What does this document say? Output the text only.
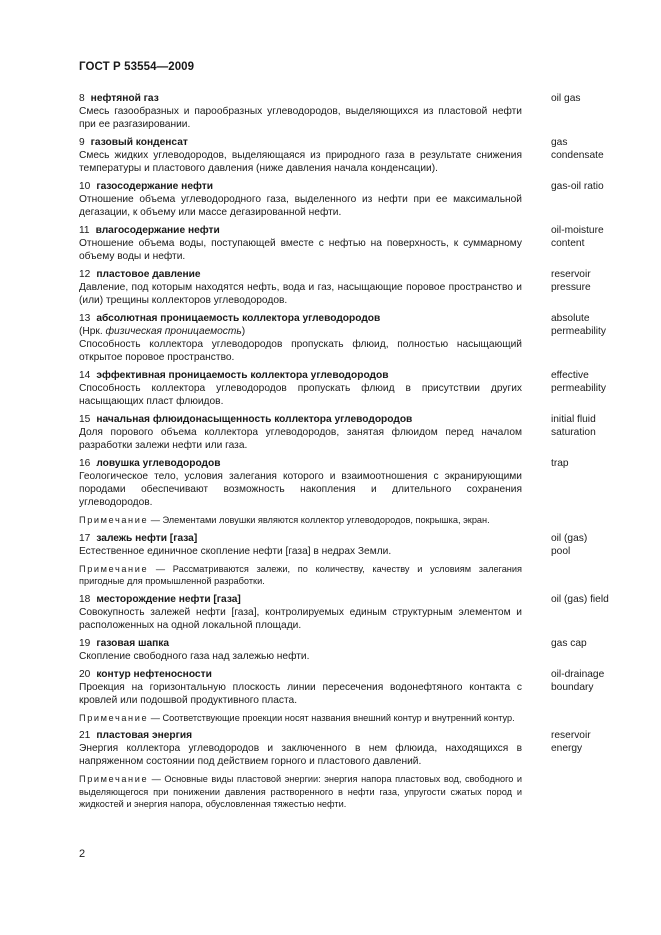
ГОСТ Р 53554—2009
8 нефтяной газ
Смесь газообразных и парообразных углеводородов, выделяющихся из пластовой нефти при ее разгазировании.
oil gas
9 газовый конденсат
Смесь жидких углеводородов, выделяющаяся из природного газа в результате снижения температуры и пластового давления (ниже давления начала конденсации).
gas
condensate
10 газосодержание нефти
Отношение объема углеводородного газа, выделенного из нефти при ее максимальной дегазации, к объему или массе дегазированной нефти.
gas-oil ratio
11 влагосодержание нефти
Отношение объема воды, поступающей вместе с нефтью на поверхность, к суммарному объему воды и нефти.
oil-moisture
content
12 пластовое давление
Давление, под которым находятся нефть, вода и газ, насыщающие поровое пространство и (или) трещины коллекторов углеводородов.
reservoir
pressure
13 абсолютная проницаемость коллектора углеводородов
(Нрк. физическая проницаемость)
Способность коллектора углеводородов пропускать флюид, полностью насыщающий открытое поровое пространство.
absolute
permeability
14 эффективная проницаемость коллектора углеводородов
Способность коллектора углеводородов пропускать флюид в присутствии других насыщающих пласт флюидов.
effective
permeability
15 начальная флюидонасыщенность коллектора углеводородов
Доля порового объема коллектора углеводородов, занятая флюидом перед началом разработки залежи нефти или газа.
initial fluid
saturation
16 ловушка углеводородов
Геологическое тело, условия залегания которого и взаимоотношения с экранирующими породами обеспечивают возможность накопления и длительного сохранения углеводородов.
trap
Примечание — Элементами ловушки являются коллектор углеводородов, покрышка, экран.
17 залежь нефти [газа]
Естественное единичное скопление нефти [газа] в недрах Земли.
oil (gas)
pool
Примечание — Рассматриваются залежи, по количеству, качеству и условиям залегания пригодные для промышленной разработки.
18 месторождение нефти [газа]
Совокупность залежей нефти [газа], контролируемых единым структурным элементом и расположенных на одной локальной площади.
oil (gas) field
19 газовая шапка
Скопление свободного газа над залежью нефти.
gas cap
20 контур нефтеносности
Проекция на горизонтальную плоскость линии пересечения водонефтяного контакта с кровлей или подошвой продуктивного пласта.
oil-drainage
boundary
Примечание — Соответствующие проекции носят названия внешний контур и внутренний контур.
21 пластовая энергия
Энергия коллектора углеводородов и заключенного в нем флюида, находящихся в напряженном состоянии под действием горного и пластового давлений.
reservoir
energy
Примечание — Основные виды пластовой энергии: энергия напора пластовых вод, свободного и выделяющегося при понижении давления растворенного в нефти газа, упругости сжатых пород и жидкостей и энергия напора, обусловленная тяжестью нефти.
2
